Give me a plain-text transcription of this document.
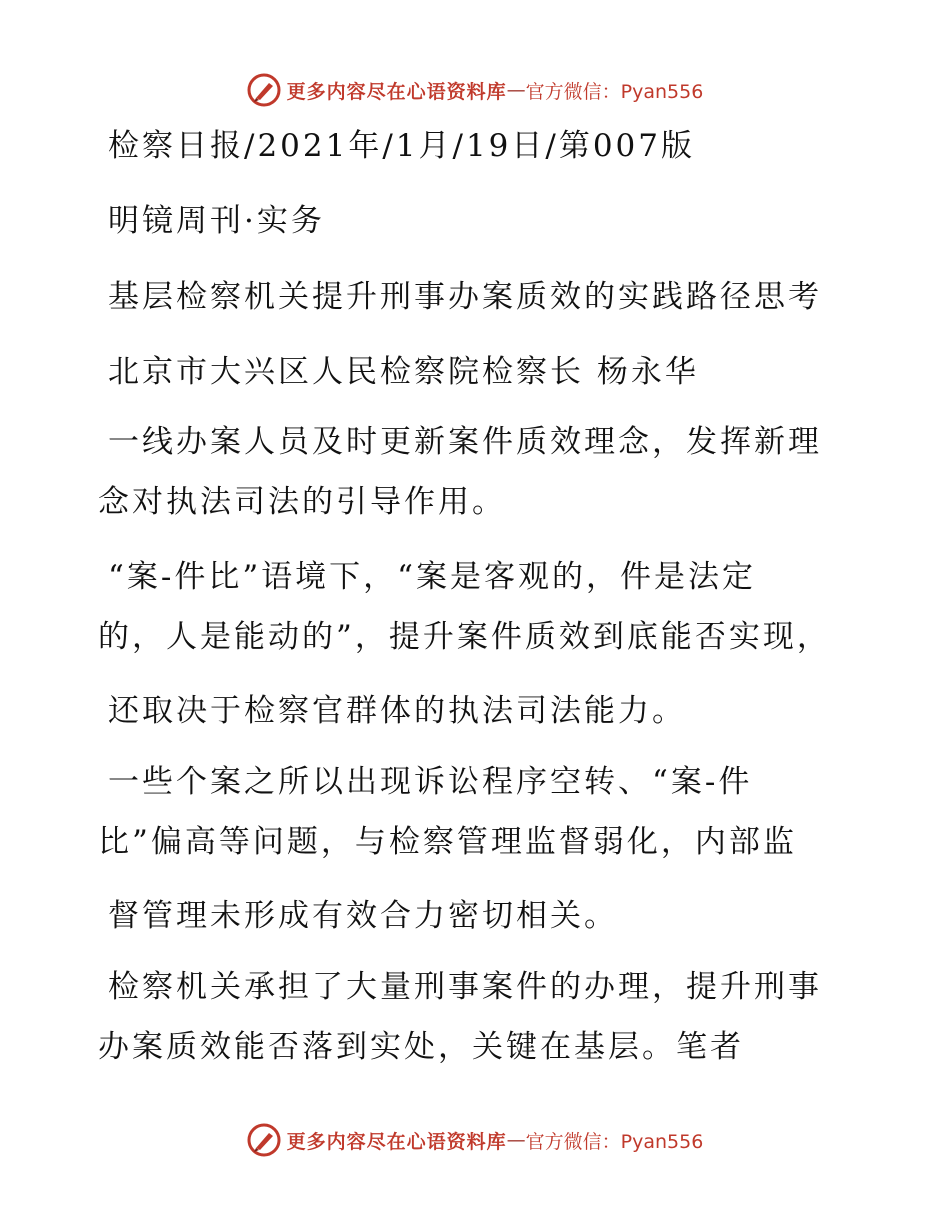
更多内容尽在心语资料库 — 官方微信：Pyan556
检察日报/2021年/1月/19日/第007版
明镜周刊·实务
基层检察机关提升刑事办案质效的实践路径思考
北京市大兴区人民检察院检察长 杨永华
一线办案人员及时更新案件质效理念，发挥新理
念对执法司法的引导作用。
“案-件比”语境下，“案是客观的，件是法定
的，人是能动的”，提升案件质效到底能否实现，
还取决于检察官群体的执法司法能力。
一些个案之所以出现诉讼程序空转、“案-件
比”偏高等问题，与检察管理监督弱化，内部监
督管理未形成有效合力密切相关。
检察机关承担了大量刑事案件的办理，提升刑事
办案质效能否落到实处，关键在基层。笔者
更多内容尽在心语资料库 — 官方微信：Pyan556
